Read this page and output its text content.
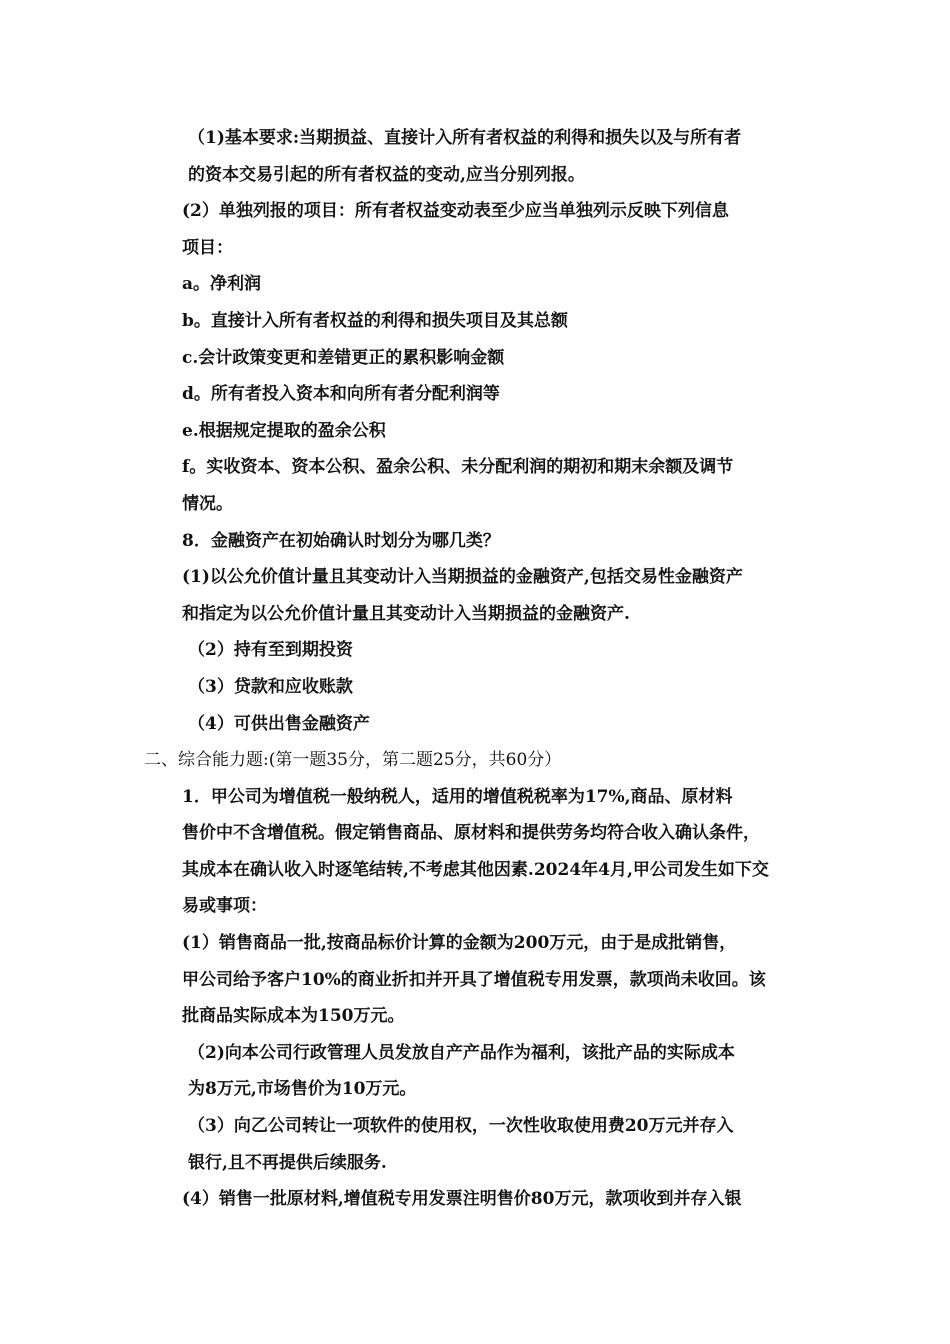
（1)基本要求:当期损益、直接计入所有者权益的利得和损失以及与所有者
的资本交易引起的所有者权益的变动,应当分别列报。

(2）单独列报的项目：所有者权益变动表至少应当单独列示反映下列信息
项目：

a。净利润

b。直接计入所有者权益的利得和损失项目及其总额

c.会计政策变更和差错更正的累积影响金额

d。所有者投入资本和向所有者分配利润等

e.根据规定提取的盈余公积

f。实收资本、资本公积、盈余公积、未分配利润的期初和期末余额及调节
情况。

8．金融资产在初始确认时划分为哪几类？

(1)以公允价值计量且其变动计入当期损益的金融资产,包括交易性金融资产
和指定为以公允价值计量且其变动计入当期损益的金融资产.

（2）持有至到期投资

（3）贷款和应收账款

（4）可供出售金融资产

二、综合能力题:(第一题35分，第二题25分，共60分）

1．甲公司为增值税一般纳税人，适用的增值税税率为17%,商品、原材料
售价中不含增值税。假定销售商品、原材料和提供劳务均符合收入确认条件，
其成本在确认收入时逐笔结转,不考虑其他因素.2024年4月,甲公司发生如下交
易或事项：

(1）销售商品一批,按商品标价计算的金额为200万元，由于是成批销售，
甲公司给予客户10%的商业折扣并开具了增值税专用发票，款项尚未收回。该
批商品实际成本为150万元。

（2)向本公司行政管理人员发放自产产品作为福利，该批产品的实际成本
为8万元,市场售价为10万元。

（3）向乙公司转让一项软件的使用权，一次性收取使用费20万元并存入
银行,且不再提供后续服务.

(4）销售一批原材料,增值税专用发票注明售价80万元，款项收到并存入银
